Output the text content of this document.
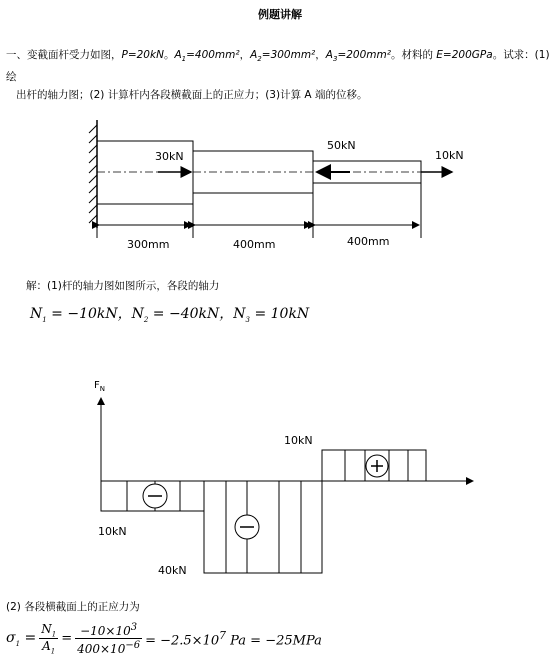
例题讲解
一、变截面杆受力如图，P=20kN。$A_1=400mm^2$，$A_2=300mm^2$，$A_3=200mm^2$。材料的 E=200GPa。试求：(1)绘
出杆的轴力图；(2) 计算杆内各段横截面上的正应力；(3)计算 A 端的位移。
30kN
50kN
10kN
300mm	400mm	400mm
解：(1)杆的轴力图如图所示，各段的轴力
$N_1 = -10kN$，$N_2 = -40kN$，$N_3 = 10kN$
$F_N$
10kN
10kN
40kN
(2) 各段横截面上的正应力为
$\sigma_1$ =	$N_1$	=	$-10\times 10^3$	= $-2.5\times 10^7$ Pa = −25MPa
	$A_1$		$400\times 10^{-6}$
